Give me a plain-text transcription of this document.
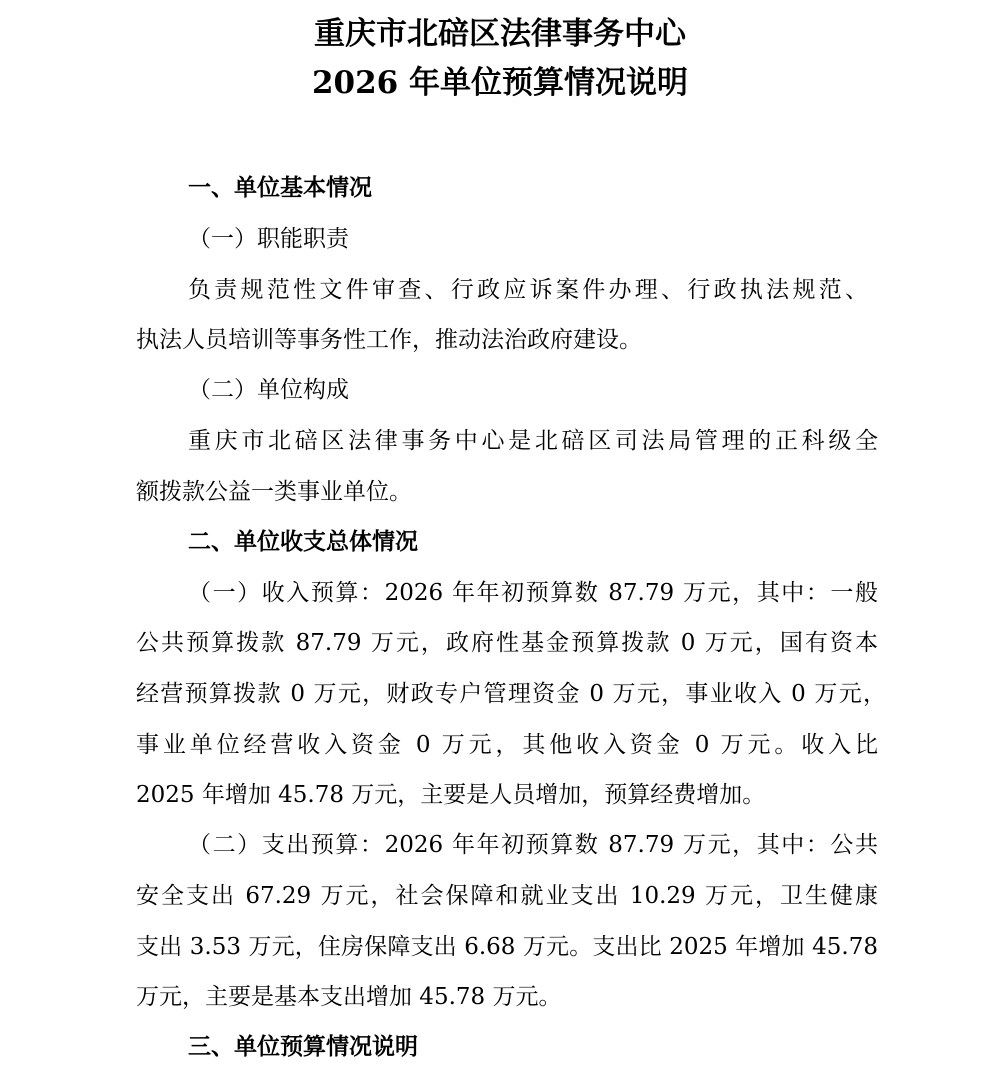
重庆市北碚区法律事务中心
2026 年单位预算情况说明
一、单位基本情况
（一）职能职责
负责规范性文件审查、行政应诉案件办理、行政执法规范、
执法人员培训等事务性工作，推动法治政府建设。
（二）单位构成
重庆市北碚区法律事务中心是北碚区司法局管理的正科级全
额拨款公益一类事业单位。
二、单位收支总体情况
（一）收入预算：2026 年年初预算数 87.79 万元，其中：一般
公共预算拨款 87.79 万元，政府性基金预算拨款 0 万元，国有资本
经营预算拨款 0 万元，财政专户管理资金 0 万元，事业收入 0 万元，
事业单位经营收入资金 0 万元，其他收入资金 0 万元。收入比
2025 年增加 45.78 万元，主要是人员增加，预算经费增加。
（二）支出预算：2026 年年初预算数 87.79 万元，其中：公共
安全支出 67.29 万元，社会保障和就业支出 10.29 万元，卫生健康
支出 3.53 万元，住房保障支出 6.68 万元。支出比 2025 年增加 45.78
万元，主要是基本支出增加 45.78 万元。
三、单位预算情况说明
